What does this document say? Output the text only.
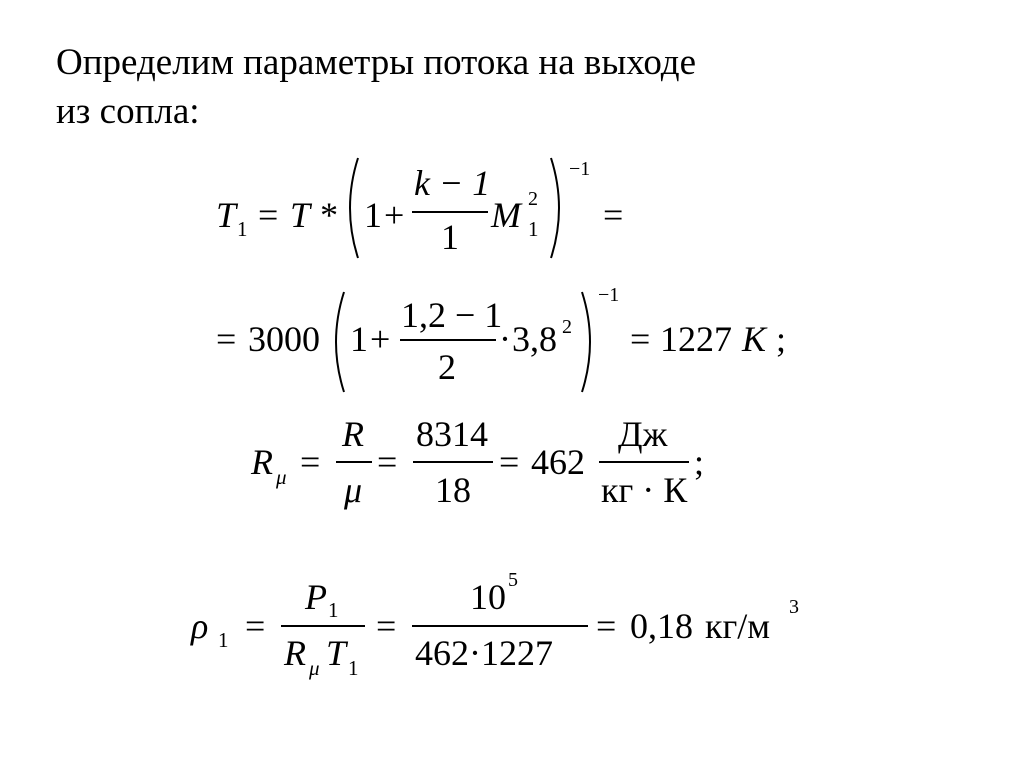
Определим параметры потока на выходе
из сопла:
T 1 = T * 1 +
k − 1
1
M 2
1
−1
=
= 3000 1 +
1,2 − 1
2
· 3,8 2
−1
= 1227 K ;
R μ =
R
μ
=
8314
18
= 462
Дж
кг · К
;
ρ 1 =
P 1
R μ T 1
=
10 5
462·1227
= 0,18 кг/м 3
